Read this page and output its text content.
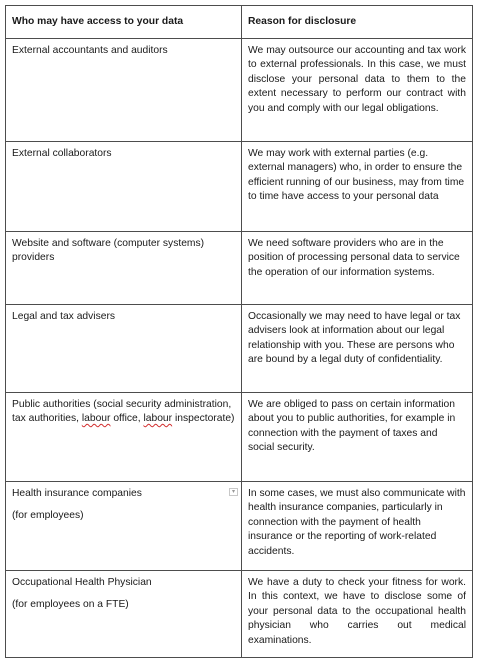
Who may have access to your data	Reason for disclosure

External accountants and auditors	We may outsource our accounting and tax work to external professionals. In this case, we must disclose your personal data to them to the extent necessary to perform our contract with you and comply with our legal obligations.

External collaborators	We may work with external parties (e.g. external managers) who, in order to ensure the efficient running of our business, may from time to time have access to your personal data

Website and software (computer systems) providers	We need software providers who are in the position of processing personal data to service the operation of our information systems.

Legal and tax advisers	Occasionally we may need to have legal or tax advisers look at information about our legal relationship with you. These are persons who are bound by a legal duty of confidentiality.

Public authorities (social security administration, tax authorities, labour office, labour inspectorate)	We are obliged to pass on certain information about you to public authorities, for example in connection with the payment of taxes and social security.

Health insurance companies
(for employees)
▾	In some cases, we must also communicate with health insurance companies, particularly in connection with the payment of health insurance or the reporting of work-related accidents.

Occupational Health Physician
(for employees on a FTE)	We have a duty to check your fitness for work. In this context, we have to disclose some of your personal data to the occupational health physician who carries out medical examinations.
